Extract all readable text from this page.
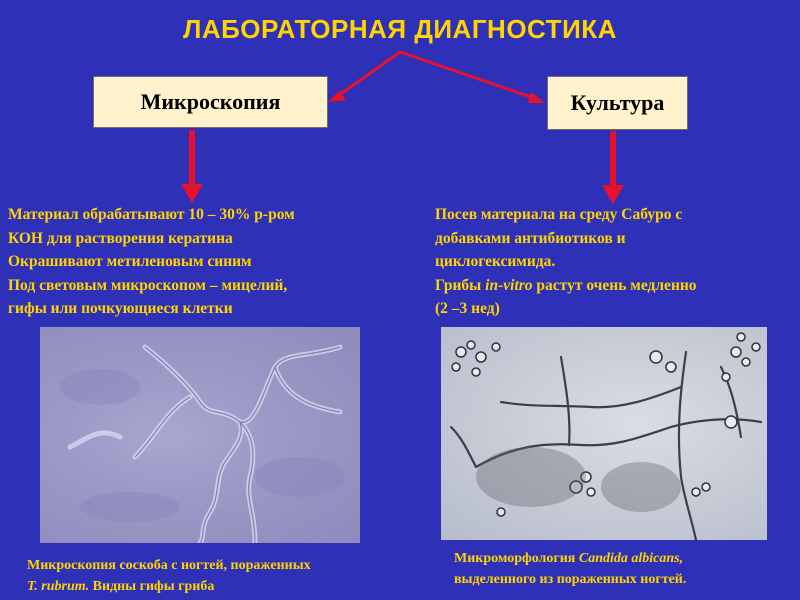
ЛАБОРАТОРНАЯ ДИАГНОСТИКА
Микроскопия	Культура
Материал обрабатывают 10 – 30% р-ром
КОН для растворения кератина
Окрашивают метиленовым синим
Под световым микроскопом – мицелий,
гифы или почкующиеся клетки
Посев материала на среду Сабуро с
добавками антибиотиков и
циклогексимида.
Грибы in-vitro растут очень медленно
(2 –3 нед)
Микроскопия соскоба с ногтей, пораженных
T. rubrum. Видны гифы гриба
Микроморфология Candida albicans,
выделенного из пораженных ногтей.
